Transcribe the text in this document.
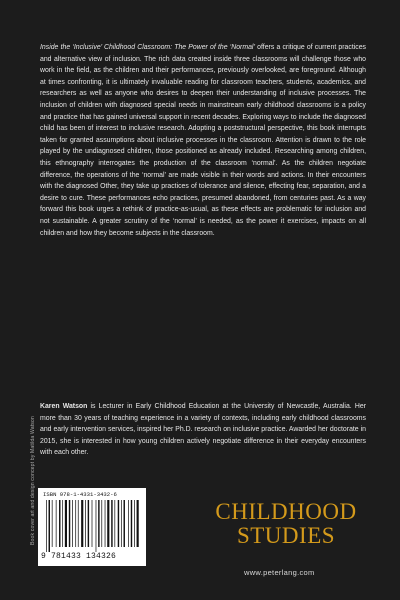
Inside the ‘Inclusive’ Childhood Classroom: The Power of the ‘Normal’ offers a critique of current practices and alternative view of inclusion. The rich data created inside three classrooms will challenge those who work in the field, as the children and their performances, previously overlooked, are foreground. Although at times confronting, it is ultimately invaluable reading for classroom teachers, students, academics, and researchers as well as anyone who desires to deepen their understanding of inclusive processes. The inclusion of children with diagnosed special needs in mainstream early childhood classrooms is a policy and practice that has gained universal support in recent decades. Exploring ways to include the diagnosed child has been of interest to inclusive research. Adopting a poststructural perspective, this book interrupts taken for granted assumptions about inclusive processes in the classroom. Attention is drawn to the role played by the undiagnosed children, those positioned as already included. Researching among children, this ethnography interrogates the production of the classroom ‘normal’. As the children negotiate difference, the operations of the ‘normal’ are made visible in their words and actions. In their encounters with the diagnosed Other, they take up practices of tolerance and silence, effecting fear, separation, and a desire to cure. These performances echo practices, presumed abandoned, from centuries past. As a way forward this book urges a rethink of practice-as-usual, as these effects are problematic for inclusion and not sustainable. A greater scrutiny of the ‘normal’ is needed, as the power it exercises, impacts on all children and how they become subjects in the classroom.

Karen Watson is Lecturer in Early Childhood Education at the University of Newcastle, Australia. Her more than 30 years of teaching experience in a variety of contexts, including early childhood classrooms and early intervention services, inspired her Ph.D. research on inclusive practice. Awarded her doctorate in 2015, she is interested in how young children actively negotiate difference in their everyday encounters with each other.

Book cover art and design concept by Matilda Watson ISBN 978-1-4331-3432-6
9 781433 134326
CHILDHOOD
STUDIES
www.peterlang.com
